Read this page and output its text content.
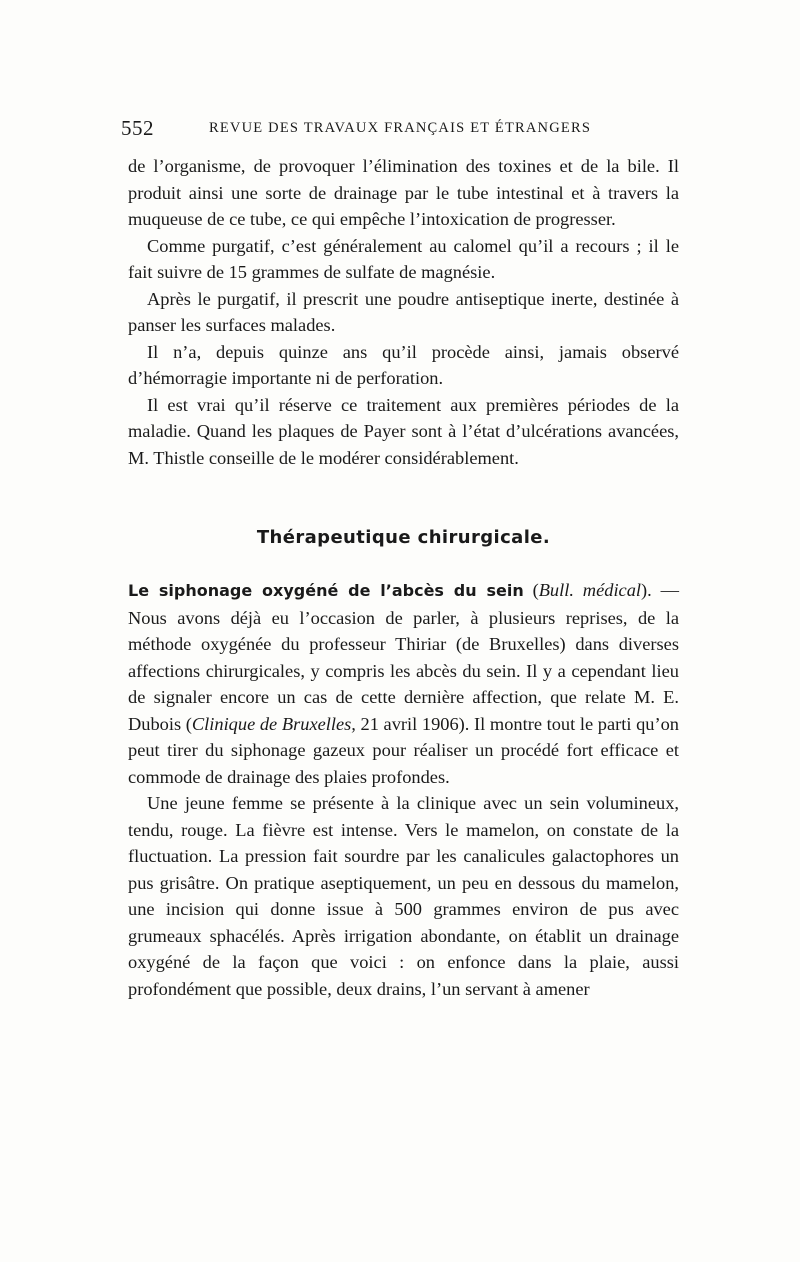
552	REVUE DES TRAVAUX FRANÇAIS ET ÉTRANGERS

de l’organisme, de provoquer l’élimination des toxines et de la bile. Il produit ainsi une sorte de drainage par le tube intestinal et à travers la muqueuse de ce tube, ce qui empêche l’intoxication de progresser.

Comme purgatif, c’est généralement au calomel qu’il a recours ; il le fait suivre de 15 grammes de sulfate de magnésie.

Après le purgatif, il prescrit une poudre antiseptique inerte, destinée à panser les surfaces malades.

Il n’a, depuis quinze ans qu’il procède ainsi, jamais observé d’hémorragie importante ni de perforation.

Il est vrai qu’il réserve ce traitement aux premières périodes de la maladie. Quand les plaques de Payer sont à l’état d’ulcérations avancées, M. Thistle conseille de le modérer considérablement.

Thérapeutique chirurgicale.

Le siphonage oxygéné de l’abcès du sein (Bull. médical). — Nous avons déjà eu l’occasion de parler, à plusieurs reprises, de la méthode oxygénée du professeur Thiriar (de Bruxelles) dans diverses affections chirurgicales, y compris les abcès du sein. Il y a cependant lieu de signaler encore un cas de cette dernière affection, que relate M. E. Dubois (Clinique de Bruxelles, 21 avril 1906). Il montre tout le parti qu’on peut tirer du siphonage gazeux pour réaliser un procédé fort efficace et commode de drainage des plaies profondes.

Une jeune femme se présente à la clinique avec un sein volumineux, tendu, rouge. La fièvre est intense. Vers le mamelon, on constate de la fluctuation. La pression fait sourdre par les canalicules galactophores un pus grisâtre. On pratique aseptiquement, un peu en dessous du mamelon, une incision qui donne issue à 500 grammes environ de pus avec grumeaux sphacélés. Après irrigation abondante, on établit un drainage oxygéné de la façon que voici : on enfonce dans la plaie, aussi profondément que possible, deux drains, l’un servant à amener
